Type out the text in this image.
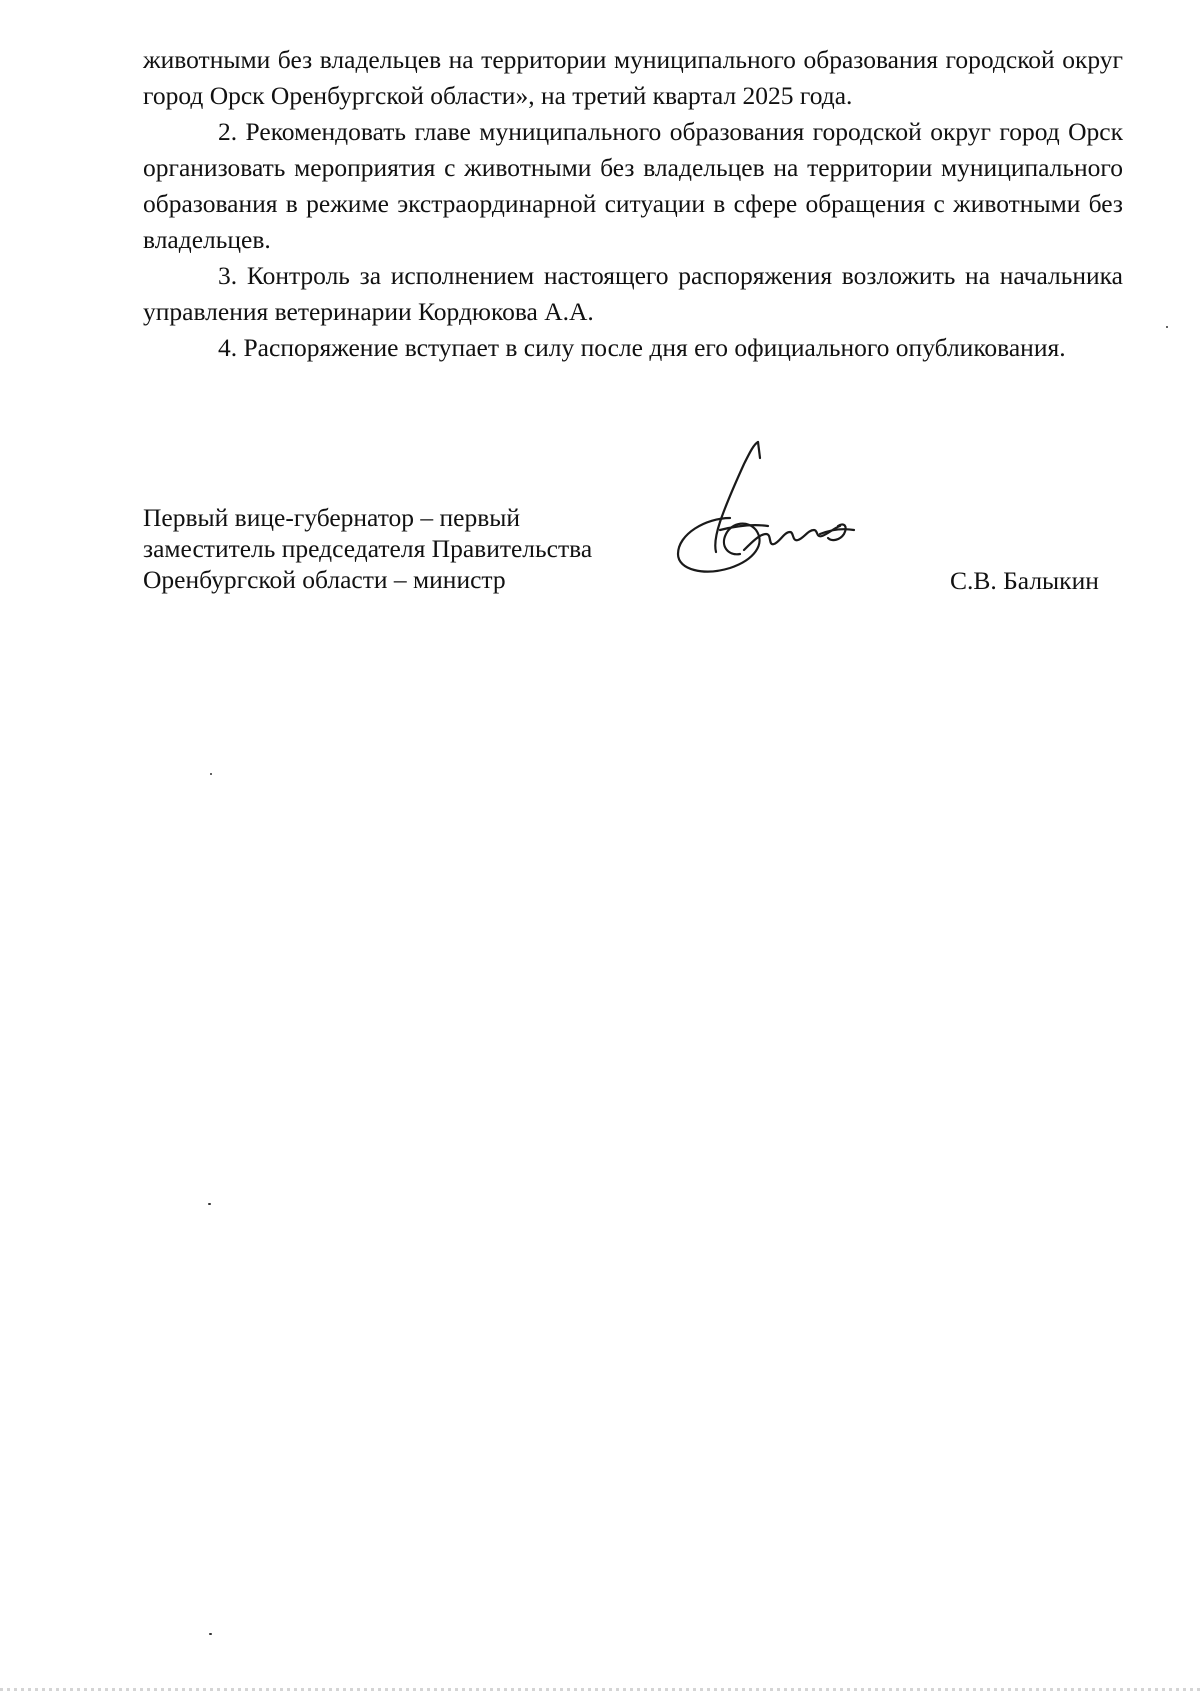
животными без владельцев на территории муниципального образования городской округ город Орск Оренбургской области», на третий квартал 2025 года.

2. Рекомендовать главе муниципального образования городской округ город Орск организовать мероприятия с животными без владельцев на территории муниципального образования в режиме экстраординарной ситуации в сфере обращения с животными без владельцев.

3. Контроль за исполнением настоящего распоряжения возложить на начальника управления ветеринарии Кордюкова А.А.

4. Распоряжение вступает в силу после дня его официального опубликования.

Первый вице-губернатор – первый
заместитель председателя Правительства
Оренбургской области – министр	С.В. Балыкин
